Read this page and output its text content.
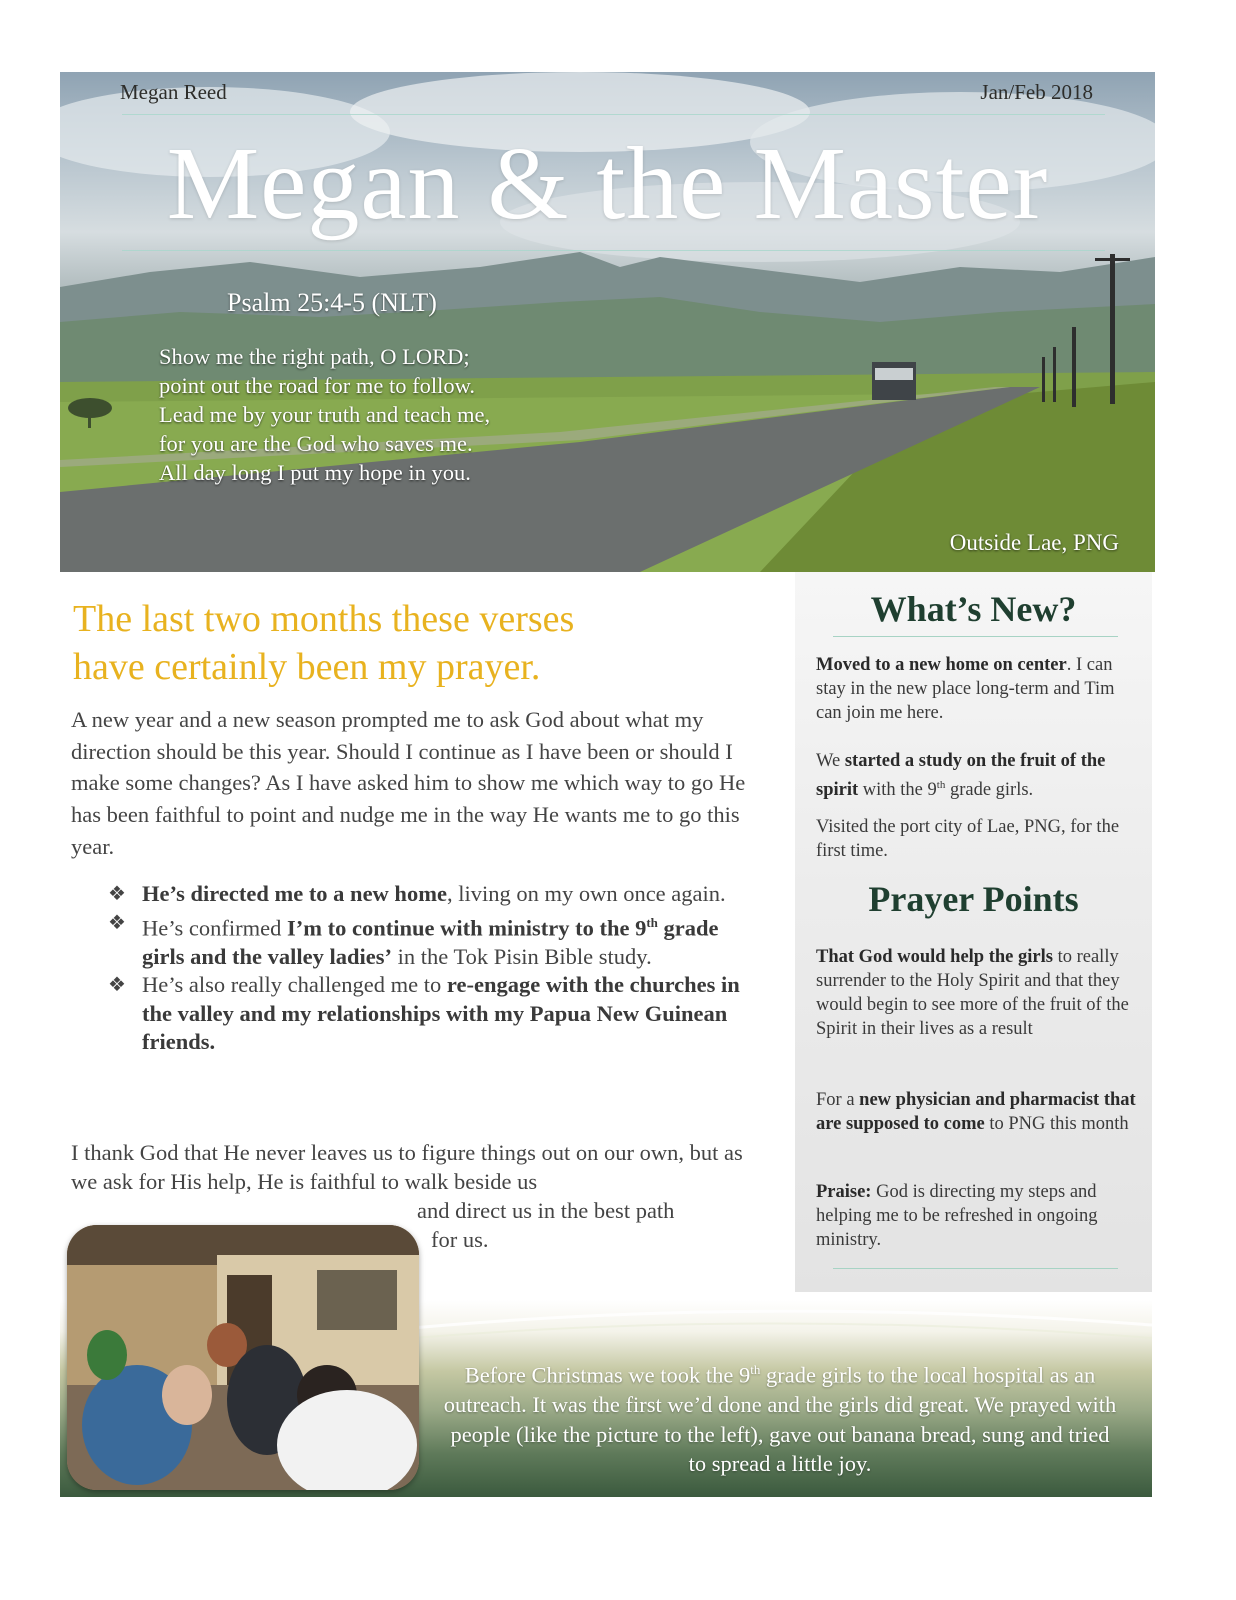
Megan Reed	Jan/Feb 2018
Megan & the Master
Psalm 25:4-5 (NLT)
Show me the right path, O LORD;
point out the road for me to follow.
Lead me by your truth and teach me,
for you are the God who saves me.
All day long I put my hope in you.
Outside Lae, PNG
The last two months these verses
have certainly been my prayer.

A new year and a new season prompted me to ask God about what my direction should be this year. Should I continue as I have been or should I make some changes? As I have asked him to show me which way to go He has been faithful to point and nudge me in the way He wants me to go this year.

❖ He’s directed me to a new home, living on my own once again.
❖ He’s confirmed I’m to continue with ministry to the 9th grade girls and the valley ladies’ in the Tok Pisin Bible study.
❖ He’s also really challenged me to re-engage with the churches in the valley and my relationships with my Papua New Guinean friends.

I thank God that He never leaves us to figure things out on our own, but as we ask for His help, He is faithful to walk beside us

and direct us in the best path
for us.

What’s New?

Moved to a new home on center. I can stay in the new place long-term and Tim can join me here.

We started a study on the fruit of the spirit with the 9th grade girls.

Visited the port city of Lae, PNG, for the first time.

Prayer Points

That God would help the girls to really surrender to the Holy Spirit and that they would begin to see more of the fruit of the Spirit in their lives as a result

For a new physician and pharmacist that are supposed to come to PNG this month

Praise: God is directing my steps and helping me to be refreshed in ongoing ministry.

Before Christmas we took the 9th grade girls to the local hospital as an outreach. It was the first we’d done and the girls did great. We prayed with people (like the picture to the left), gave out banana bread, sung and tried to spread a little joy.
